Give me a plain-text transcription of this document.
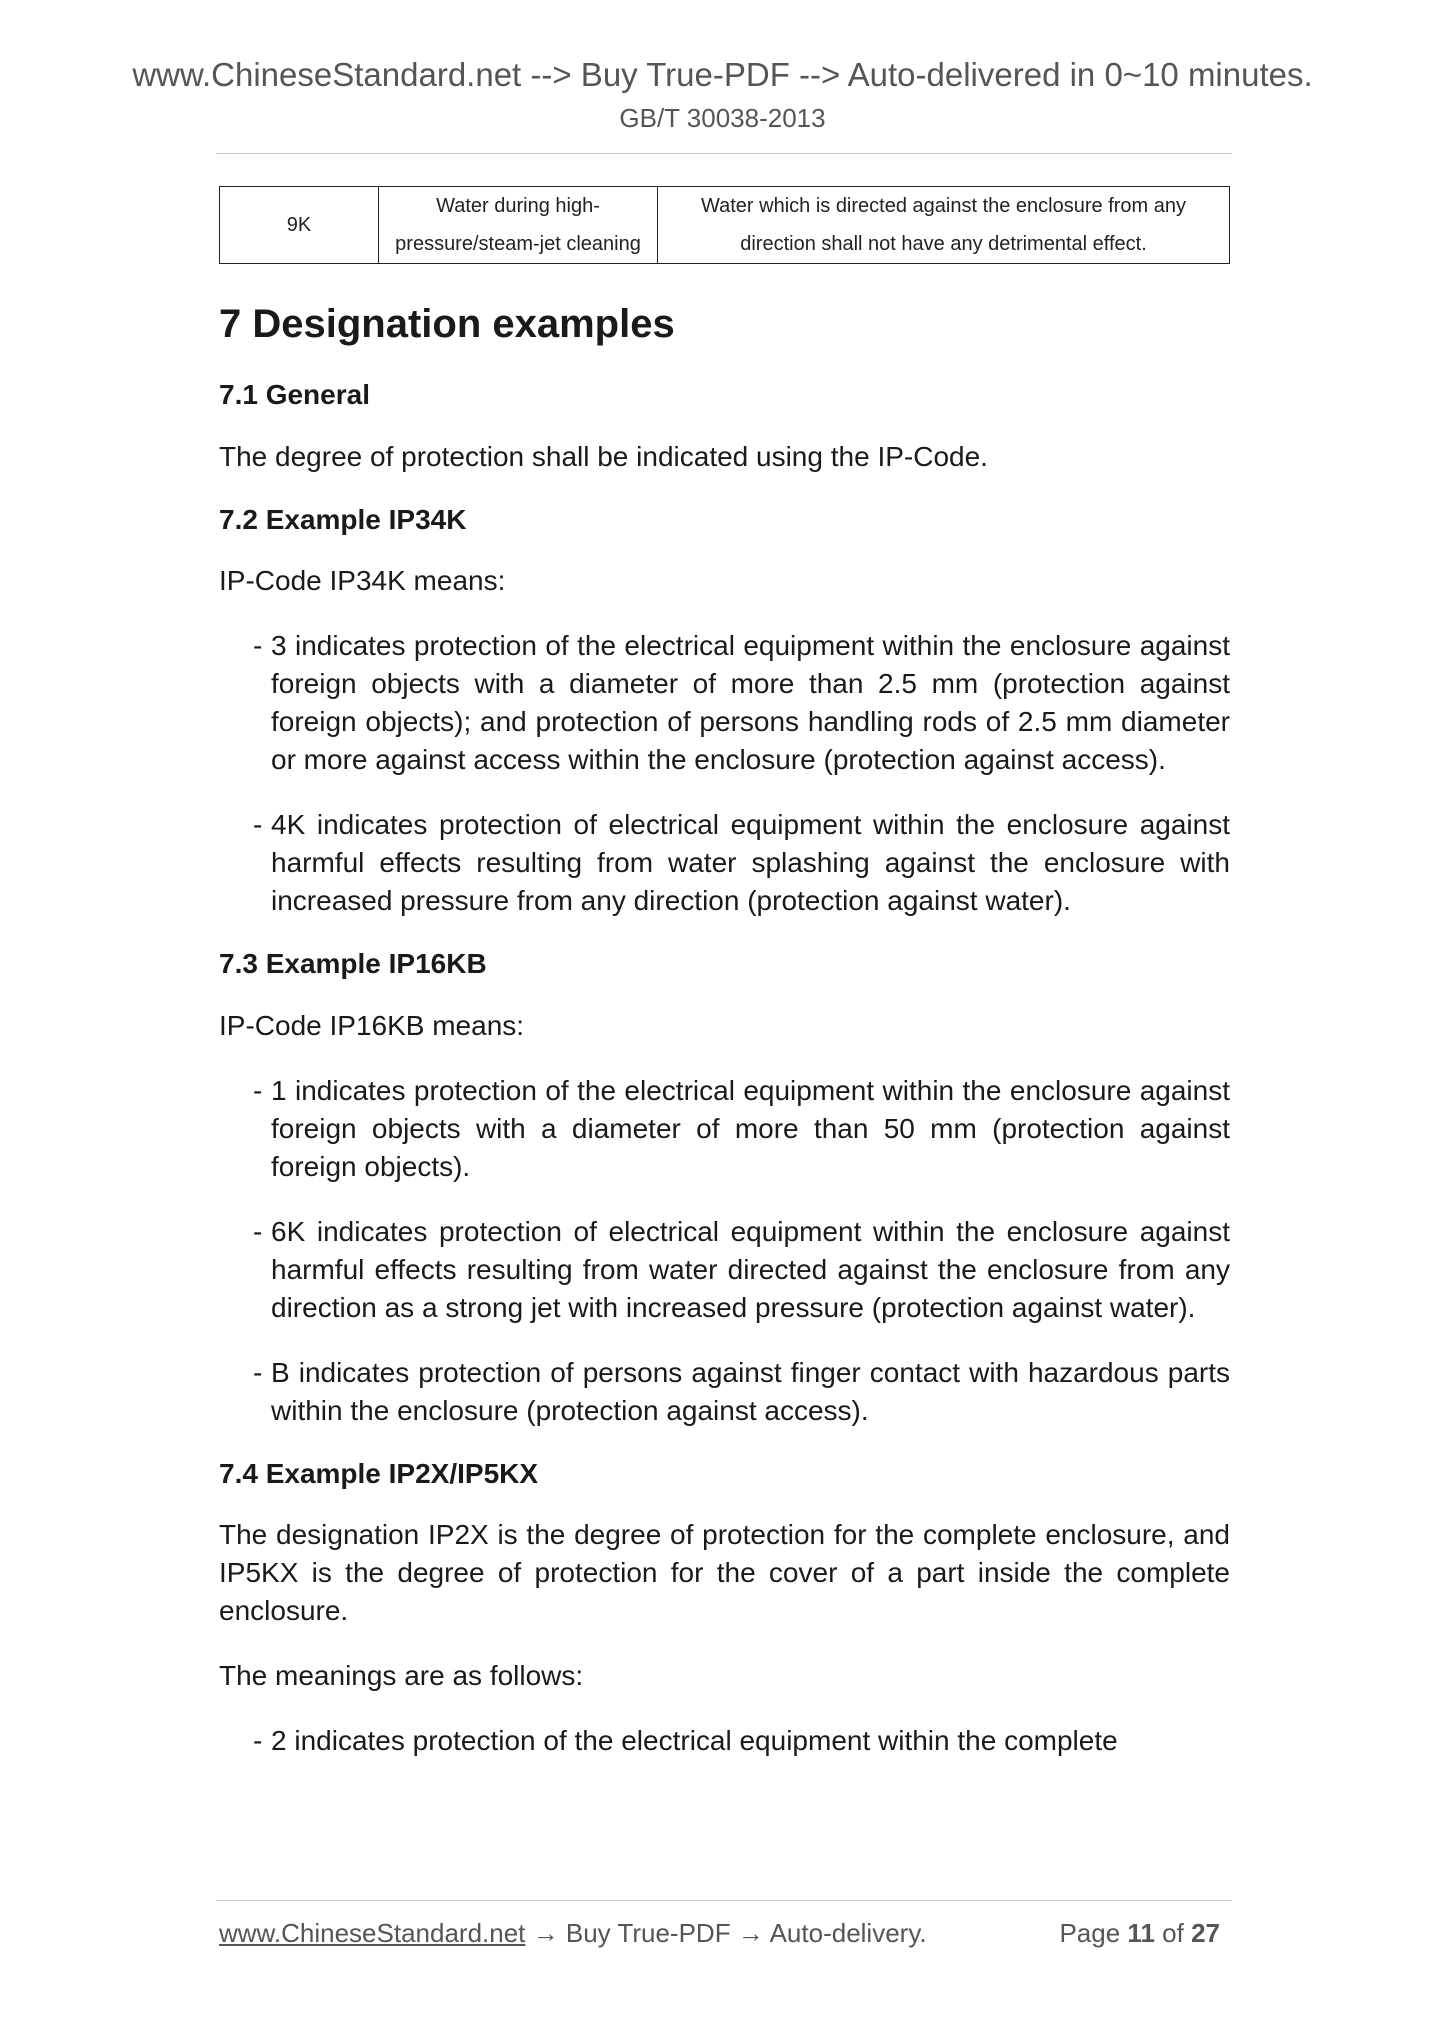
www.ChineseStandard.net --> Buy True-PDF --> Auto-delivered in 0~10 minutes.
GB/T 30038-2013
9K	Water during high-pressure/steam-jet cleaning	Water which is directed against the enclosure from any direction shall not have any detrimental effect.
7 Designation examples
7.1 General

The degree of protection shall be indicated using the IP-Code.

7.2 Example IP34K

IP-Code IP34K means:

- 3 indicates protection of the electrical equipment within the enclosure against foreign objects with a diameter of more than 2.5 mm (protection against foreign objects); and protection of persons handling rods of 2.5 mm diameter or more against access within the enclosure (protection against access).
- 4K indicates protection of electrical equipment within the enclosure against harmful effects resulting from water splashing against the enclosure with increased pressure from any direction (protection against water).
7.3 Example IP16KB

IP-Code IP16KB means:

- 1 indicates protection of the electrical equipment within the enclosure against foreign objects with a diameter of more than 50 mm (protection against foreign objects).
- 6K indicates protection of electrical equipment within the enclosure against harmful effects resulting from water directed against the enclosure from any direction as a strong jet with increased pressure (protection against water).
- B indicates protection of persons against finger contact with hazardous parts within the enclosure (protection against access).
7.4 Example IP2X/IP5KX

The designation IP2X is the degree of protection for the complete enclosure, and IP5KX is the degree of protection for the cover of a part inside the complete enclosure.

The meanings are as follows:

- 2 indicates protection of the electrical equipment within the complete
www.ChineseStandard.net → Buy True-PDF → Auto-delivery.	Page 11 of 27
